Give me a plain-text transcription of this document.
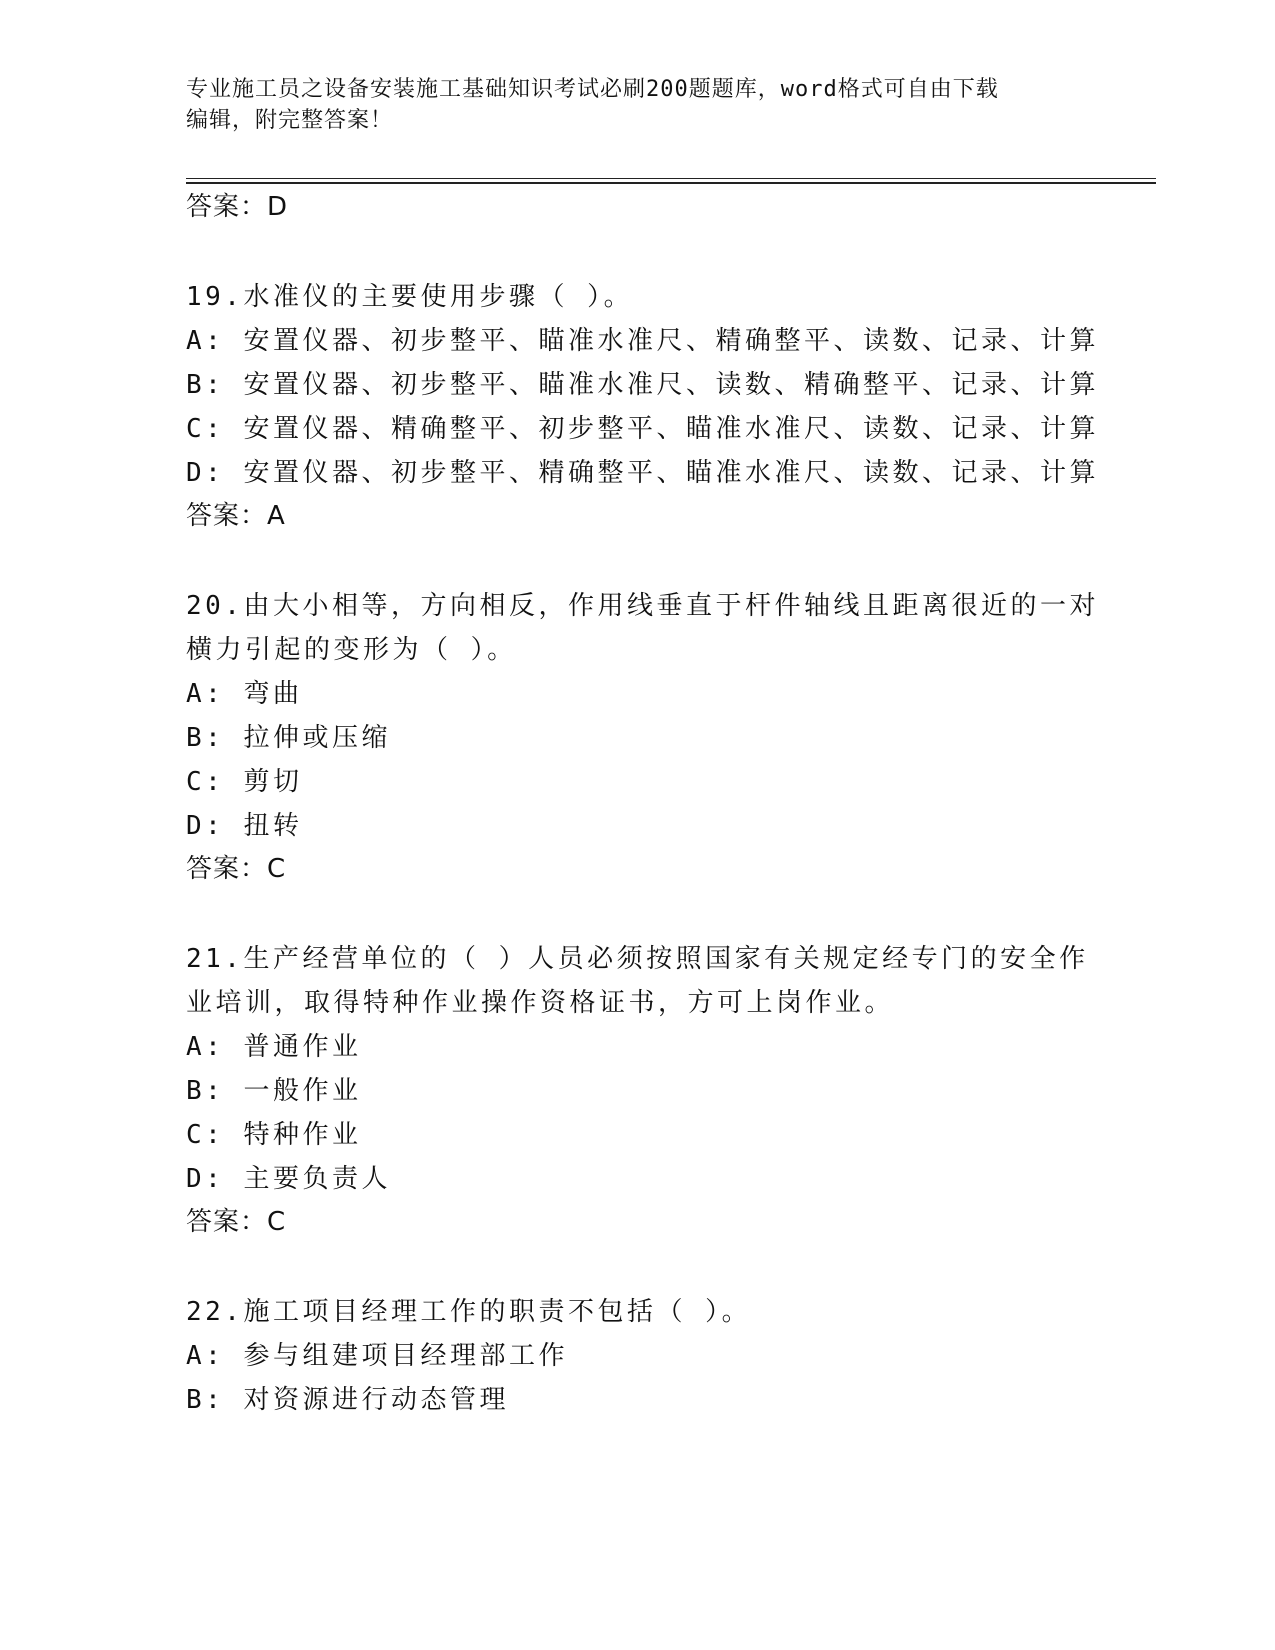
专业施工员之设备安装施工基础知识考试必刷200题题库，word格式可自由下载
编辑，附完整答案！
答案：D
19.水准仪的主要使用步骤（ ）。
A: 安置仪器、初步整平、瞄准水准尺、精确整平、读数、记录、计算
B: 安置仪器、初步整平、瞄准水准尺、读数、精确整平、记录、计算
C: 安置仪器、精确整平、初步整平、瞄准水准尺、读数、记录、计算
D: 安置仪器、初步整平、精确整平、瞄准水准尺、读数、记录、计算
答案：A
20.由大小相等，方向相反，作用线垂直于杆件轴线且距离很近的一对
横力引起的变形为（ ）。
A: 弯曲
B: 拉伸或压缩
C: 剪切
D: 扭转
答案：C
21.生产经营单位的（ ）人员必须按照国家有关规定经专门的安全作
业培训，取得特种作业操作资格证书，方可上岗作业。
A: 普通作业
B: 一般作业
C: 特种作业
D: 主要负责人
答案：C
22.施工项目经理工作的职责不包括（ ）。
A: 参与组建项目经理部工作
B: 对资源进行动态管理
